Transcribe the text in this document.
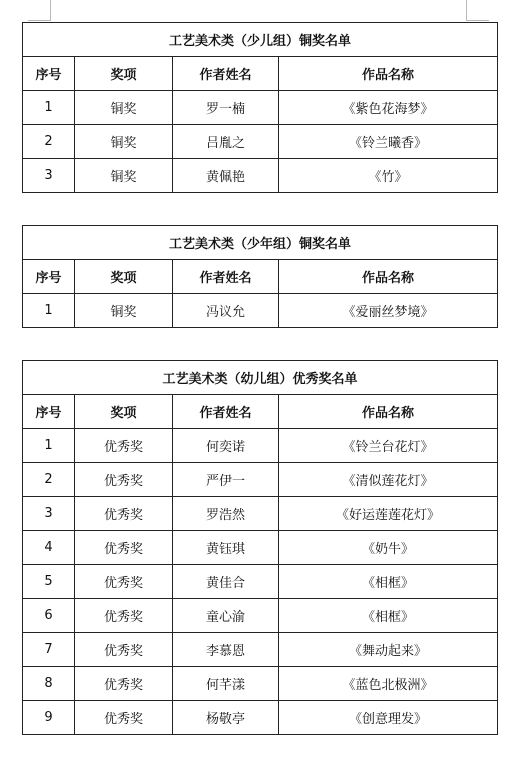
工艺美术类（少儿组）铜奖名单			
序号	奖项	作者姓名	作品名称
1	铜奖	罗一楠	《紫色花海梦》
2	铜奖	吕胤之	《铃兰曦香》
3	铜奖	黄佩艳	《竹》
工艺美术类（少年组）铜奖名单			
序号	奖项	作者姓名	作品名称
1	铜奖	冯议允	《爱丽丝梦境》
工艺美术类（幼儿组）优秀奖名单			
序号	奖项	作者姓名	作品名称
1	优秀奖	何奕诺	《铃兰台花灯》
2	优秀奖	严伊一	《清似莲花灯》
3	优秀奖	罗浩然	《好运莲莲花灯》
4	优秀奖	黄钰琪	《奶牛》
5	优秀奖	黄佳合	《相框》
6	优秀奖	童心渝	《相框》
7	优秀奖	李慕恩	《舞动起来》
8	优秀奖	何芊漾	《蓝色北极洲》
9	优秀奖	杨敬亭	《创意理发》
